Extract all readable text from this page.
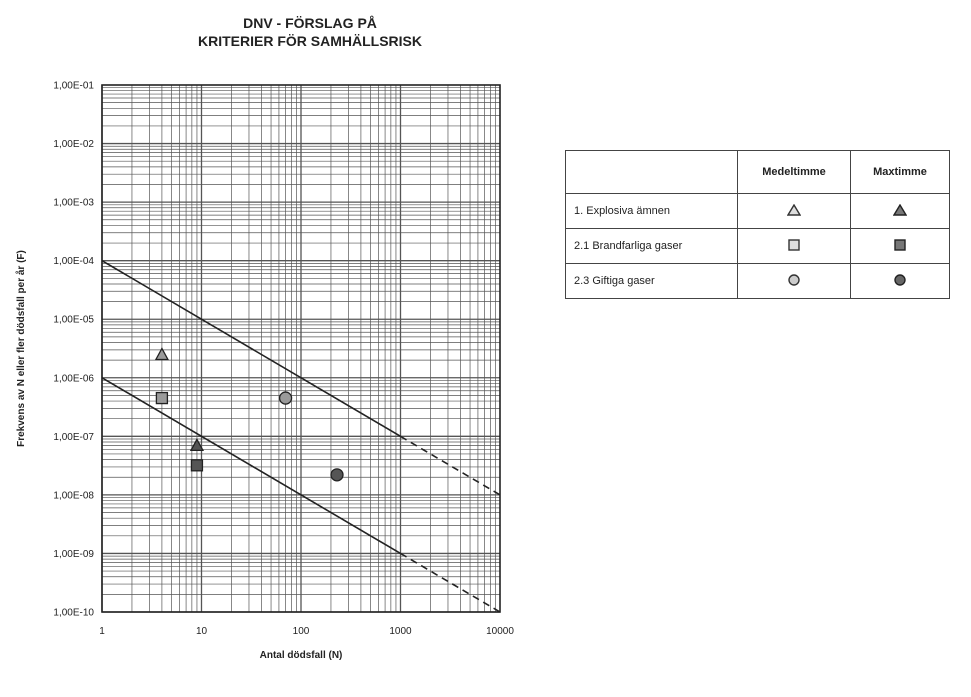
DNV - FÖRSLAG PÅ
KRITERIER FÖR SAMHÄLLSRISK
1,00E-01
1,00E-02
1,00E-03
1,00E-04
1,00E-05
1,00E-06
1,00E-07
1,00E-08
1,00E-09
1,00E-10
1	10	100	1000	10000
Antal dödsfall (N)
Frekvens av N eller fler dödsfall per år (F)
	Medeltimme	Maxtimme
1. Explosiva ämnen		
2.1 Brandfarliga gaser		
2.3 Giftiga gaser		
